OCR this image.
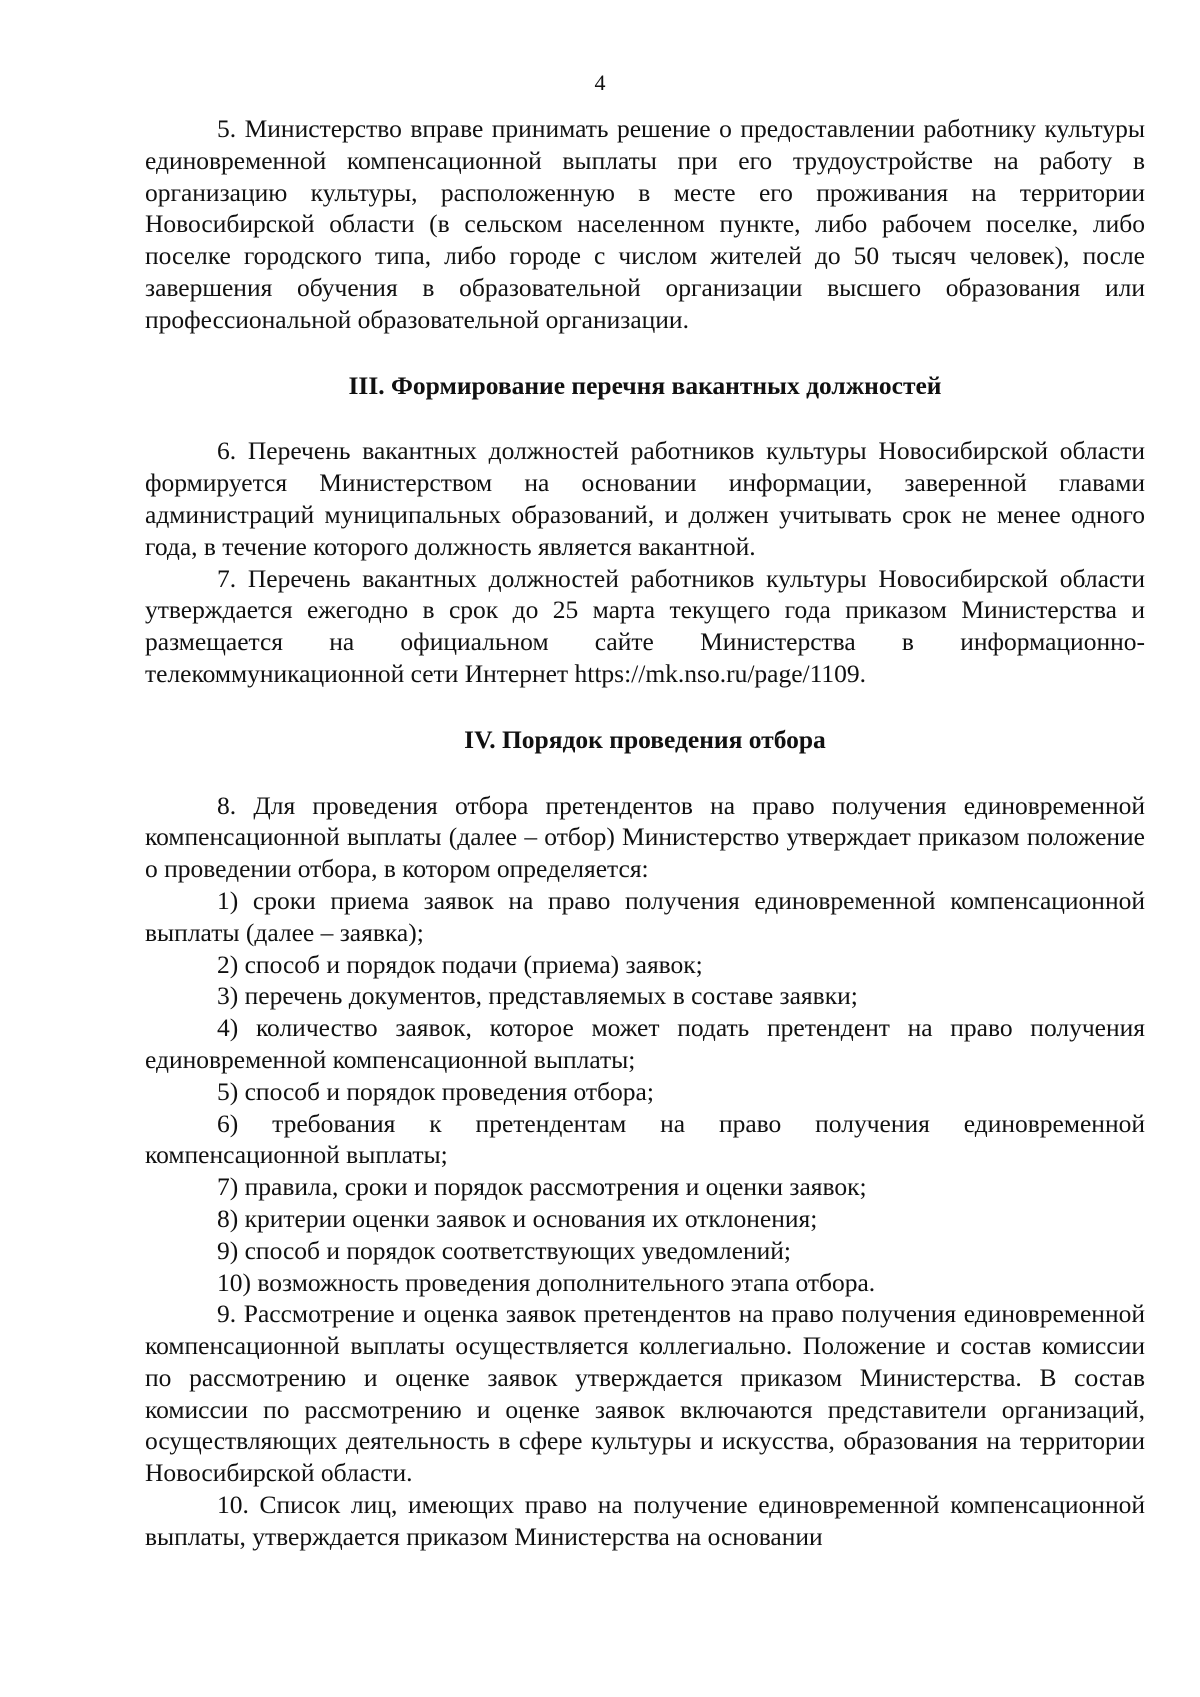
4

5. Министерство вправе принимать решение о предоставлении работнику культуры единовременной компенсационной выплаты при его трудоустройстве на работу в организацию культуры, расположенную в месте его проживания на территории Новосибирской области (в сельском населенном пункте, либо рабочем поселке, либо поселке городского типа, либо городе с числом жителей до 50 тысяч человек), после завершения обучения в образовательной организации высшего образования или профессиональной образовательной организации.

III. Формирование перечня вакантных должностей

6. Перечень вакантных должностей работников культуры Новосибирской области формируется Министерством на основании информации, заверенной главами администраций муниципальных образований, и должен учитывать срок не менее одного года, в течение которого должность является вакантной.

7. Перечень вакантных должностей работников культуры Новосибирской области утверждается ежегодно в срок до 25 марта текущего года приказом Министерства и размещается на официальном сайте Министерства в информационно-телекоммуникационной сети Интернет https://mk.nso.ru/page/1109.

IV. Порядок проведения отбора

8. Для проведения отбора претендентов на право получения единовременной компенсационной выплаты (далее – отбор) Министерство утверждает приказом положение о проведении отбора, в котором определяется:

1) сроки приема заявок на право получения единовременной компенсационной выплаты (далее – заявка);

2) способ и порядок подачи (приема) заявок;

3) перечень документов, представляемых в составе заявки;

4) количество заявок, которое может подать претендент на право получения единовременной компенсационной выплаты;

5) способ и порядок проведения отбора;

6) требования к претендентам на право получения единовременной компенсационной выплаты;

7) правила, сроки и порядок рассмотрения и оценки заявок;

8) критерии оценки заявок и основания их отклонения;

9) способ и порядок соответствующих уведомлений;

10) возможность проведения дополнительного этапа отбора.

9. Рассмотрение и оценка заявок претендентов на право получения единовременной компенсационной выплаты осуществляется коллегиально. Положение и состав комиссии по рассмотрению и оценке заявок утверждается приказом Министерства. В состав комиссии по рассмотрению и оценке заявок включаются представители организаций, осуществляющих деятельность в сфере культуры и искусства, образования на территории Новосибирской области.

10. Список лиц, имеющих право на получение единовременной компенсационной выплаты, утверждается приказом Министерства на основании
